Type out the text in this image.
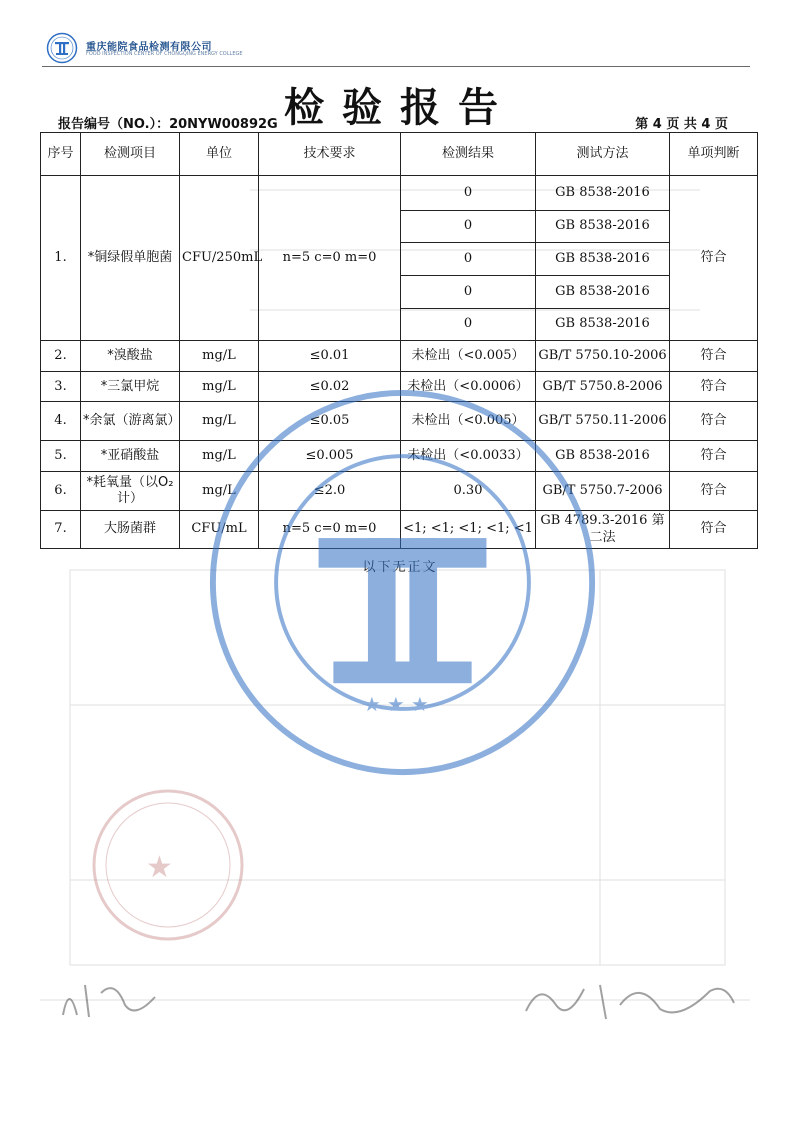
重庆能院食品检测有限公司
FOOD INSPECTION CENTER OF CHONGQING ENERGY COLLEGE
检验报告
报告编号（NO.）：20NYW00892G	第 4 页 共 4 页
序号	检测项目	单位	技术要求	检测结果	测试方法	单项判断
1.	*铜绿假单胞菌	CFU/250mL	n=5 c=0 m=0	0	GB 8538-2016	符合
				0	GB 8538-2016	
				0	GB 8538-2016	
				0	GB 8538-2016	
				0	GB 8538-2016	
2.	*溴酸盐	mg/L	≤0.01	未检出（<0.005）	GB/T 5750.10-2006	符合
3.	*三氯甲烷	mg/L	≤0.02	未检出（<0.0006）	GB/T 5750.8-2006	符合
4.	*余氯（游离氯）	mg/L	≤0.05	未检出（<0.005）	GB/T 5750.11-2006	符合
5.	*亚硝酸盐	mg/L	≤0.005	未检出（<0.0033）	GB 8538-2016	符合
6.	*耗氧量（以O₂计）	mg/L	≤2.0	0.30	GB/T 5750.7-2006	符合
7.	大肠菌群	CFU/mL	n=5 c=0 m=0	<1; <1; <1; <1; <1	GB 4789.3-2016 第二法	符合
★ ★ ★
★
